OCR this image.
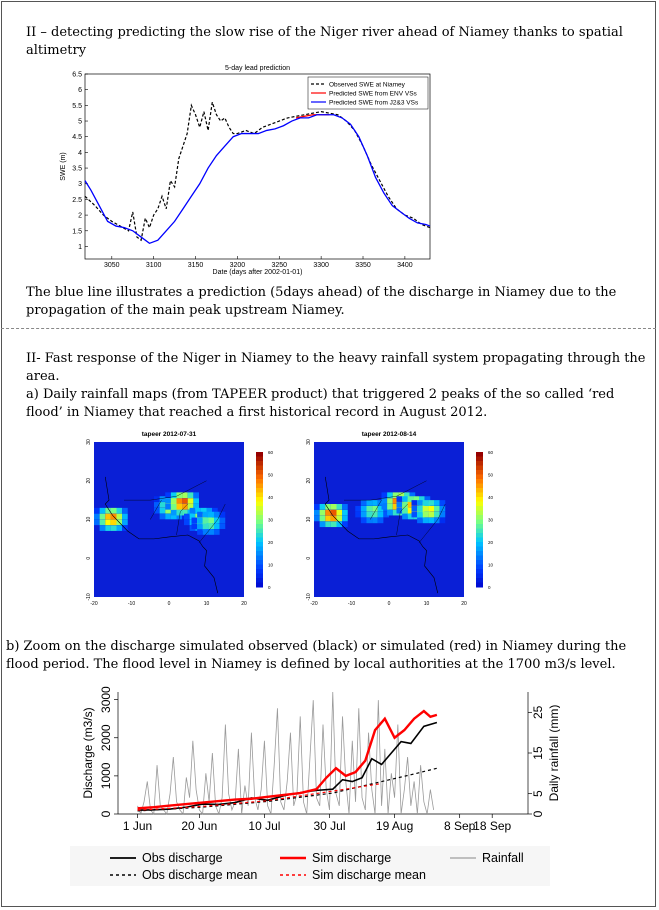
II – detecting predicting the slow rise of the Niger river ahead of Niamey thanks to spatial altimetry
5-day lead prediction
3050	3100	3150	3200	3250	3300	3350	3400
1
1.5
2
2.5
3
3.5
4
4.5
5
5.5
6
6.5
Date (days after 2002-01-01)
SWE (m)
Observed SWE at Niamey
Predicted SWE from ENV VSs
Predicted SWE from J2&3 VSs
The blue line illustrates a prediction (5days ahead) of the discharge in Niamey due to the propagation of the main peak upstream Niamey.
II- Fast response of the Niger in Niamey to the heavy rainfall system propagating through the area.
a) Daily rainfall maps (from TAPEER product) that triggered 2 peaks of the so called ‘red flood’ in Niamey that reached a first historical record in August 2012.
tapeer 2012-07-31
-20	-10	0	10	20
-10
0
10
20
30
0
10
20
30
40
50
60
tapeer 2012-08-14
-20	-10	0	10	20
-10
0
10
20
30
0
10
20
30
40
50
60
b) Zoom on the discharge simulated observed (black) or simulated (red) in Niamey during the flood period. The flood level in Niamey is defined by local authorities at the 1700 m3/s level.
1 Jun 20 Jun	10 Jul	30 Jul	19 Aug	8 Sep
18 Sep
0
1000
2000
3000
0
5
15
25
Discharge (m3/s)	Daily rainfall (mm)
Obs discharge	Sim discharge	Rainfall
Obs discharge mean	Sim discharge mean
